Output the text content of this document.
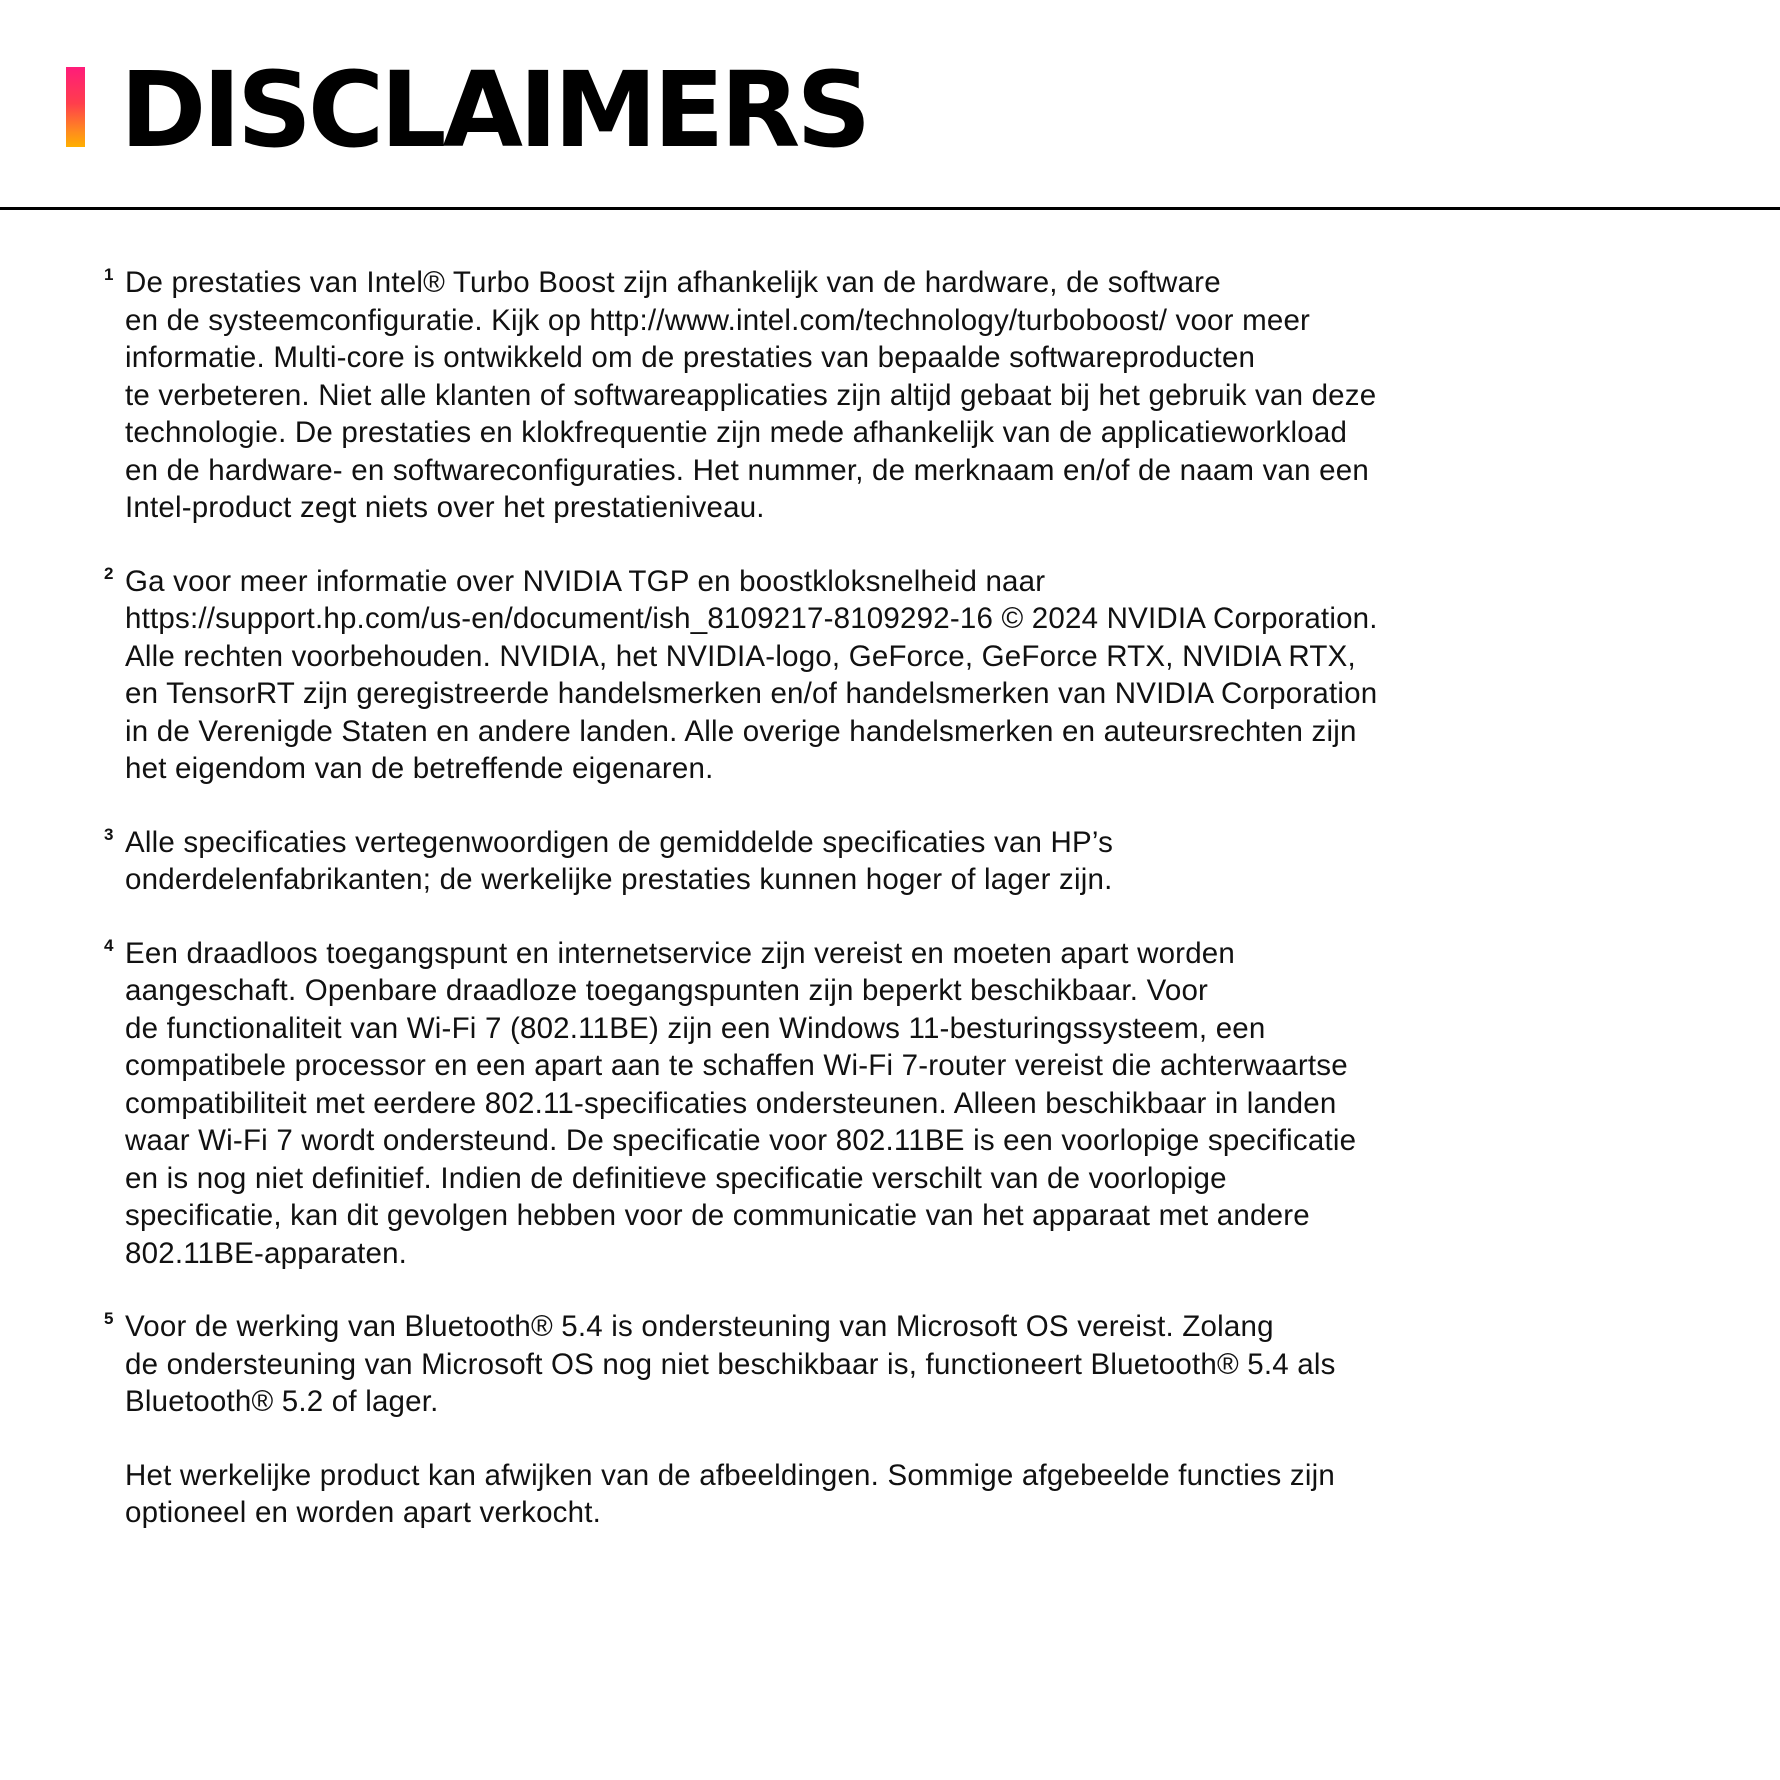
DISCLAIMERS
1 De prestaties van Intel® Turbo Boost zijn afhankelijk van de hardware, de software
en de systeemconfiguratie. Kijk op http://www.intel.com/technology/turboboost/ voor meer
informatie. Multi-core is ontwikkeld om de prestaties van bepaalde softwareproducten
te verbeteren. Niet alle klanten of softwareapplicaties zijn altijd gebaat bij het gebruik van deze
technologie. De prestaties en klokfrequentie zijn mede afhankelijk van de applicatieworkload
en de hardware- en softwareconfiguraties. Het nummer, de merknaam en/of de naam van een
Intel-product zegt niets over het prestatieniveau.
2 Ga voor meer informatie over NVIDIA TGP en boostkloksnelheid naar
https://support.hp.com/us-en/document/ish_8109217-8109292-16 © 2024 NVIDIA Corporation.
Alle rechten voorbehouden. NVIDIA, het NVIDIA-logo, GeForce, GeForce RTX, NVIDIA RTX,
en TensorRT zijn geregistreerde handelsmerken en/of handelsmerken van NVIDIA Corporation
in de Verenigde Staten en andere landen. Alle overige handelsmerken en auteursrechten zijn
het eigendom van de betreffende eigenaren.
3 Alle specificaties vertegenwoordigen de gemiddelde specificaties van HP’s
onderdelenfabrikanten; de werkelijke prestaties kunnen hoger of lager zijn.
4 Een draadloos toegangspunt en internetservice zijn vereist en moeten apart worden
aangeschaft. Openbare draadloze toegangspunten zijn beperkt beschikbaar. Voor
de functionaliteit van Wi-Fi 7 (802.11BE) zijn een Windows 11-besturingssysteem, een
compatibele processor en een apart aan te schaffen Wi-Fi 7-router vereist die achterwaartse
compatibiliteit met eerdere 802.11-specificaties ondersteunen. Alleen beschikbaar in landen
waar Wi-Fi 7 wordt ondersteund. De specificatie voor 802.11BE is een voorlopige specificatie
en is nog niet definitief. Indien de definitieve specificatie verschilt van de voorlopige
specificatie, kan dit gevolgen hebben voor de communicatie van het apparaat met andere
802.11BE-apparaten.
5 Voor de werking van Bluetooth® 5.4 is ondersteuning van Microsoft OS vereist. Zolang
de ondersteuning van Microsoft OS nog niet beschikbaar is, functioneert Bluetooth® 5.4 als
Bluetooth® 5.2 of lager.
Het werkelijke product kan afwijken van de afbeeldingen. Sommige afgebeelde functies zijn
optioneel en worden apart verkocht.
